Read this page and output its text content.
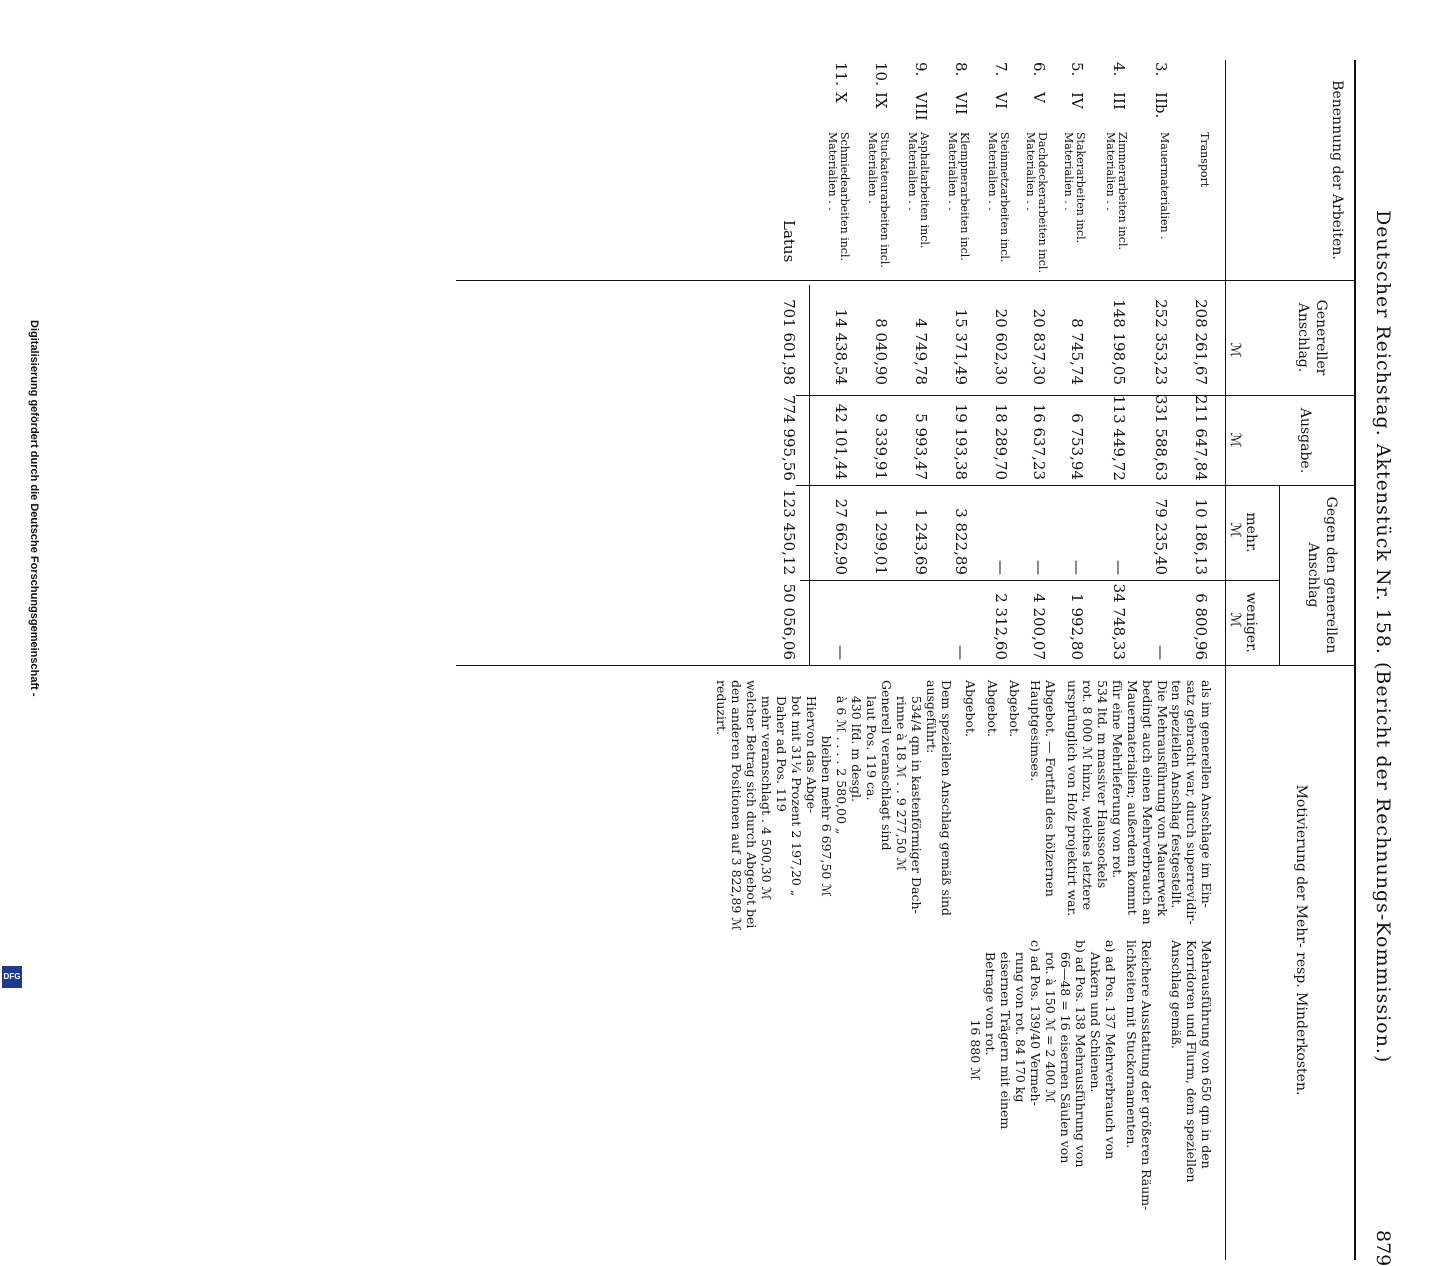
Digitalisierung gefördert durch die Deutsche Forschungsgemeinschaft -
DFG	Deutscher Reichstag. Aktenstück Nr. 158. (Bericht der Rechnungs-Kommission.)
879
Benennung der Arbeiten.
Genereller Anschlag.
Ausgabe.
Gegen den generellen Anschlag
mehr.
weniger.
Motivierung der Mehr- resp. Minderkosten.
ℳ
ℳ
ℳ
ℳ
Latus
701 601,98
774 995,56
123 450,12
50 056,06
Transport
208 261,67
211 647,84
10 186,13
6 800,96
3.
IIb.
Mauermaterialien .
252 353,23
331 588,63
79 235,40
—
4.
III
Zimmerarbeiten incl. Materialien . .
148 198,05
113 449,72
—
34 748,33
5.
IV
Stakerarbeiten incl. Materialien . .
8 745,74
6 753,94
—
1 992,80
6.
V
Dachdeckerarbeiten incl. Materialien . .
20 837,30
16 637,23
—
4 200,07
7.
VI
Steinmetzarbeiten incl. Materialien . .
20 602,30
18 289,70
—
2 312,60
8.
VII
Klempnerarbeiten incl. Materialien . .
15 371,49
19 193,38
3 822,89
—
9.
VIII
Asphaltarbeiten incl. Materialien . .
4 749,78
5 993,47
1 243,69
10.
IX
Stuckateurarbeiten incl. Materialien .
8 040,90
9 339,91
1 299,01
11.
X
Schmiedearbeiten incl. Materialien . .
14 438,54
42 101,44
27 662,90
—
als im generellen Anschlage im Ein-
satz gebracht war, durch superrevidir-
ten speziellen Anschlag festgestellt.
Die Mehrausführung von Mauerwerk
bedingt auch einen Mehrverbrauch an
Mauermaterialien; außerdem kommt
für eine Mehrlieferung von rot.
534 ltd. m massiver Haussockels
rot. 8 000 ℳ hinzu, welches letztere
ursprünglich von Holz projektirt war.
Abgebot. — Fortfall des hölzernen
Hauptgesimses.
Abgebot.
Abgebot.
Abgebot.
Dem speziellen Anschlag gemäß sind
ausgeführt:
534/4 qm in kastenförmiger Dach-
rinne à 18 ℳ . . 9 277,50 ℳ
Generell veranschlagt sind
laut Pos. 119 ca.
430 lfd. m desgl.
à 6 ℳ . . . . 2 580,00 „
bleiben mehr 6 697,50 ℳ
Hiervon das Abge-
bot mit 31¼ Prozent 2 197,20 „
Daher ad Pos. 119
mehr veranschlagt . 4 500,30 ℳ
welcher Betrag sich durch Abgebot bei
den anderen Positionen auf 3 822,89 ℳ
reduzirt.
Mehrausführung von 650 qm in den
Korridoren und Flurm, dem speziellen
Anschlag gemäß.
Reichere Ausstattung der größeren Räum-
lichkeiten mit Stuckornamenten.
a) ad Pos. 137 Mehrverbrauch von
Ankern und Schienen.
b) ad Pos. 138 Mehrausführung von
66—48 = 16 eisernen Säulen von
rot. à 150 ℳ = 2 400 ℳ
c) ad Pos. 139/40 Vermeh-
rung von rot. 84 170 kg
eisernen Trägern mit einem
Betrage von rot.
16 880 ℳ
